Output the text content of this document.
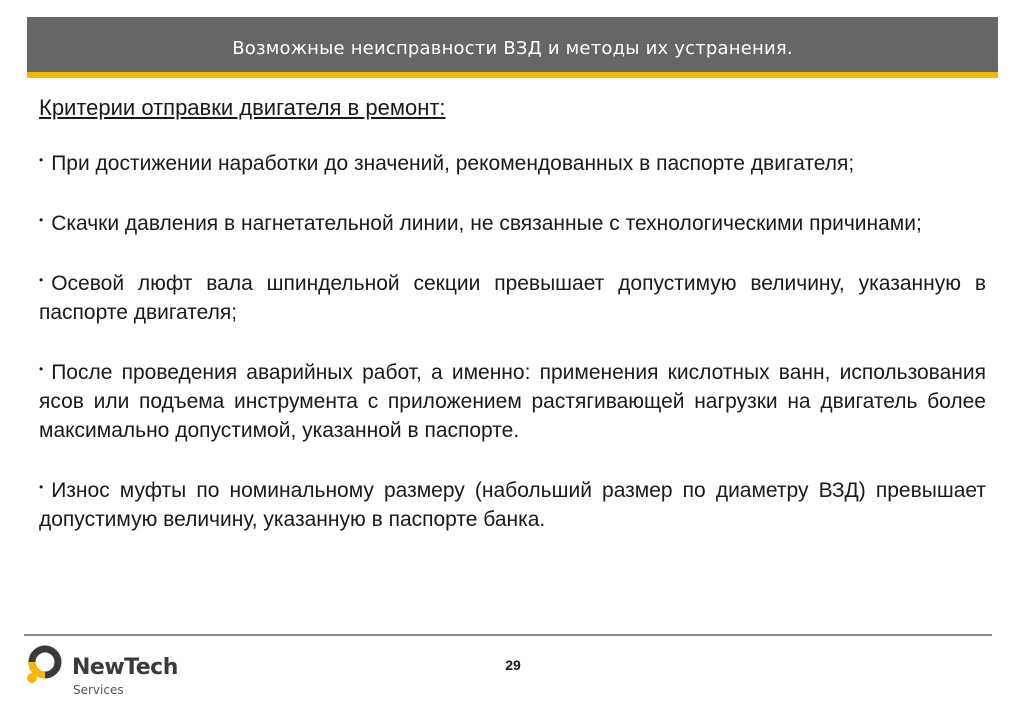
Возможные неисправности ВЗД и методы их устранения.
Критерии отправки двигателя в ремонт:
• При достижении наработки до значений, рекомендованных в паспорте двигателя;
• Скачки давления в нагнетательной линии, не связанные с технологическими причинами;
• Осевой люфт вала шпиндельной секции превышает допустимую величину, указанную в паспорте двигателя;
• После проведения аварийных работ, а именно: применения кислотных ванн, использования ясов или подъема инструмента с приложением растягивающей нагрузки на двигатель более максимально допустимой, указанной в паспорте.
• Износ муфты по номинальному размеру (набольший размер по диаметру ВЗД) превышает допустимую величину, указанную в паспорте банка.
NewTech
Services
29
